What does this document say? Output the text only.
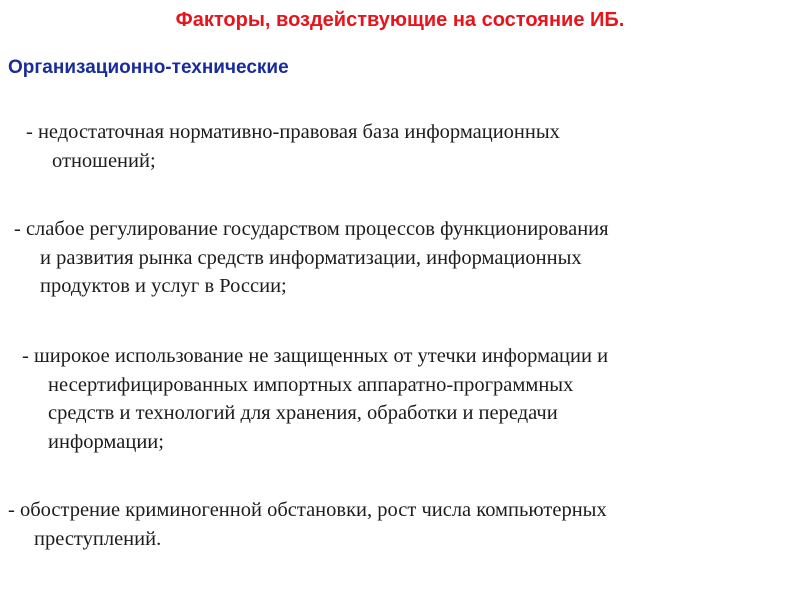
Факторы, воздействующие на состояние ИБ.
Организационно-технические

- недостаточная нормативно-правовая база информационных
отношений;

- слабое регулирование государством процессов функционирования
и развития рынка средств информатизации, информационных
продуктов и услуг в России;

- широкое использование не защищенных от утечки информации и
несертифицированных импортных аппаратно-программных
средств и технологий для хранения, обработки и передачи
информации;

- обострение криминогенной обстановки, рост числа компьютерных
преступлений.
